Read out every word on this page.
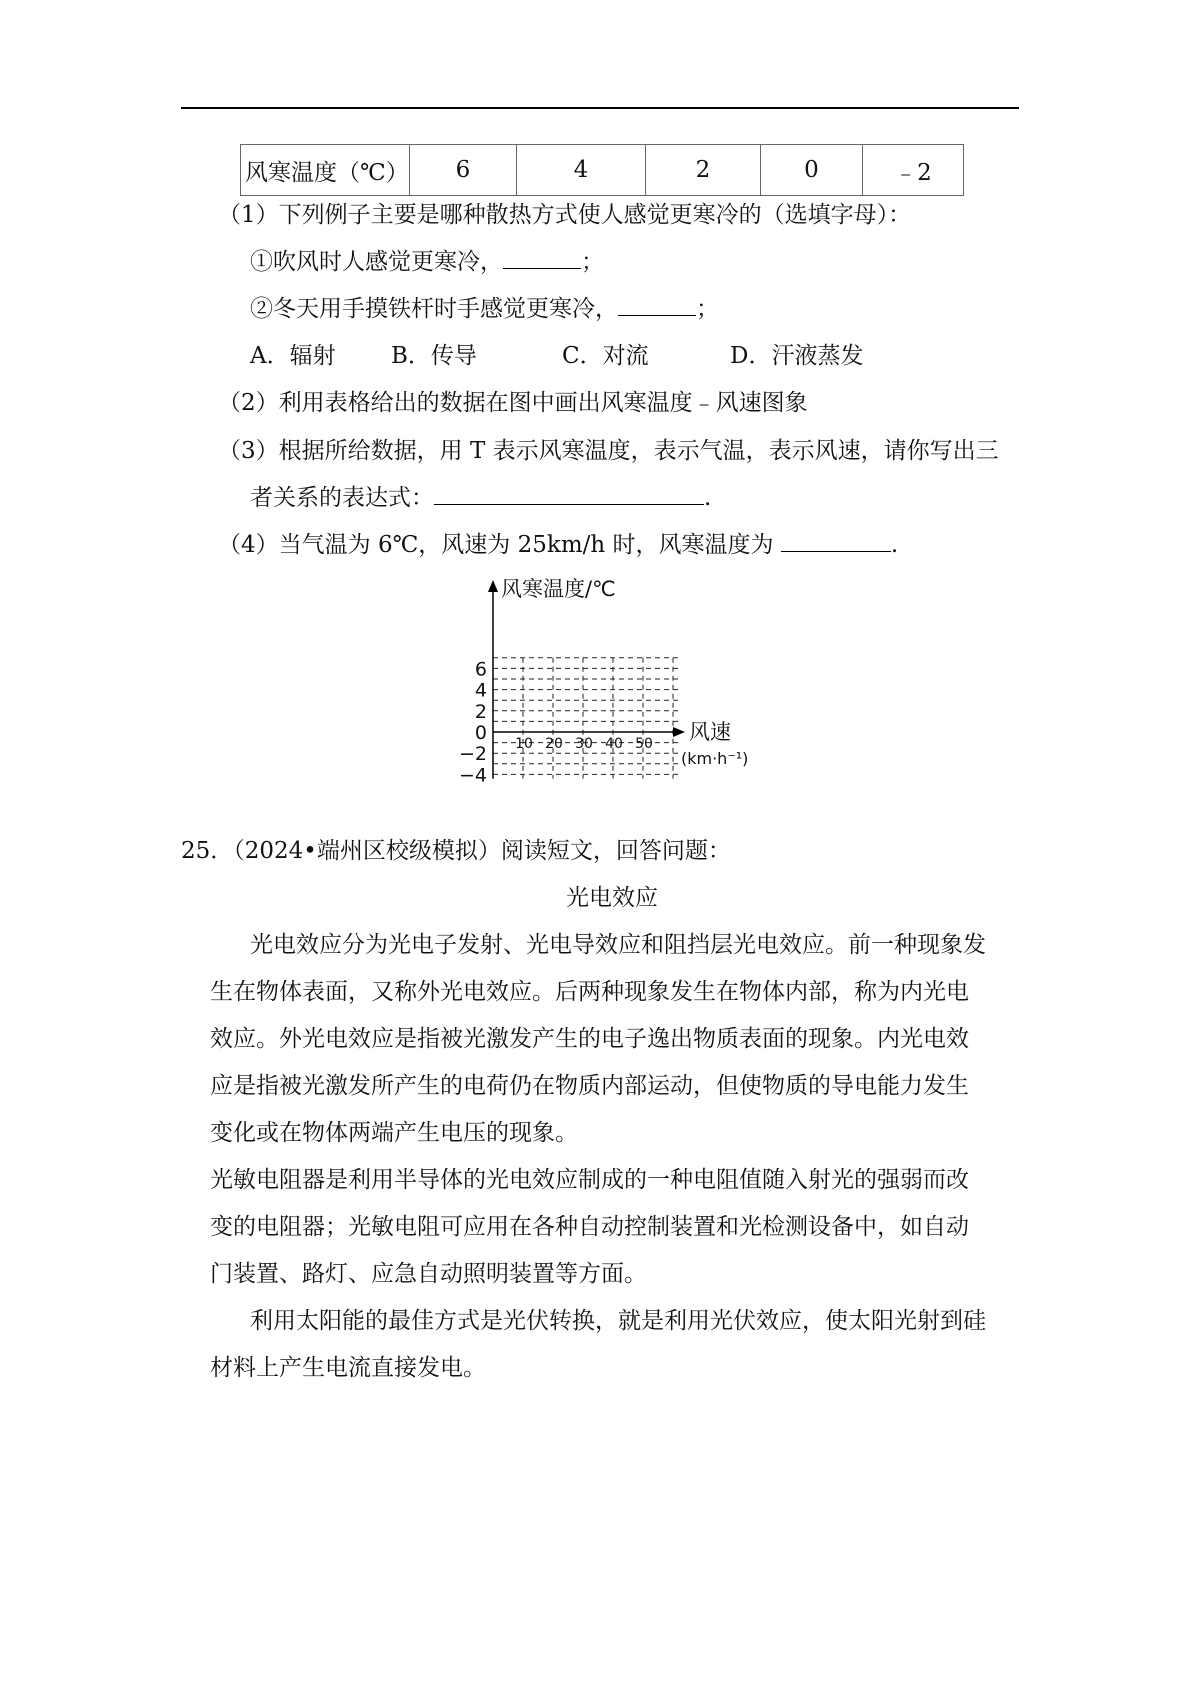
风寒温度（℃）	6	4	2	0	﹣2
（1）下列例子主要是哪种散热方式使人感觉更寒冷的（选填字母）：
①吹风时人感觉更寒冷，	；
②冬天用手摸铁杆时手感觉更寒冷，	；
A．辐射 B．传导	C．对流	D．汗液蒸发
（2）利用表格给出的数据在图中画出风寒温度﹣风速图象
（3）根据所给数据，用 T 表示风寒温度，表示气温，表示风速，请你写出三
者关系的表达式：	.
（4）当气温为 6℃，风速为 25km/h 时，风寒温度为	.
6
4
2
0
−2
−4
10 20 30 40 50
风寒温度/℃
风速
(km·h⁻¹)
25．（2024•端州区校级模拟）阅读短文，回答问题：
光电效应
光电效应分为光电子发射、光电导效应和阻挡层光电效应。前一种现象发
生在物体表面，又称外光电效应。后两种现象发生在物体内部，称为内光电
效应。外光电效应是指被光激发产生的电子逸出物质表面的现象。内光电效
应是指被光激发所产生的电荷仍在物质内部运动，但使物质的导电能力发生
变化或在物体两端产生电压的现象。
光敏电阻器是利用半导体的光电效应制成的一种电阻值随入射光的强弱而改
变的电阻器；光敏电阻可应用在各种自动控制装置和光检测设备中，如自动
门装置、路灯、应急自动照明装置等方面。
利用太阳能的最佳方式是光伏转换，就是利用光伏效应，使太阳光射到硅
材料上产生电流直接发电。
